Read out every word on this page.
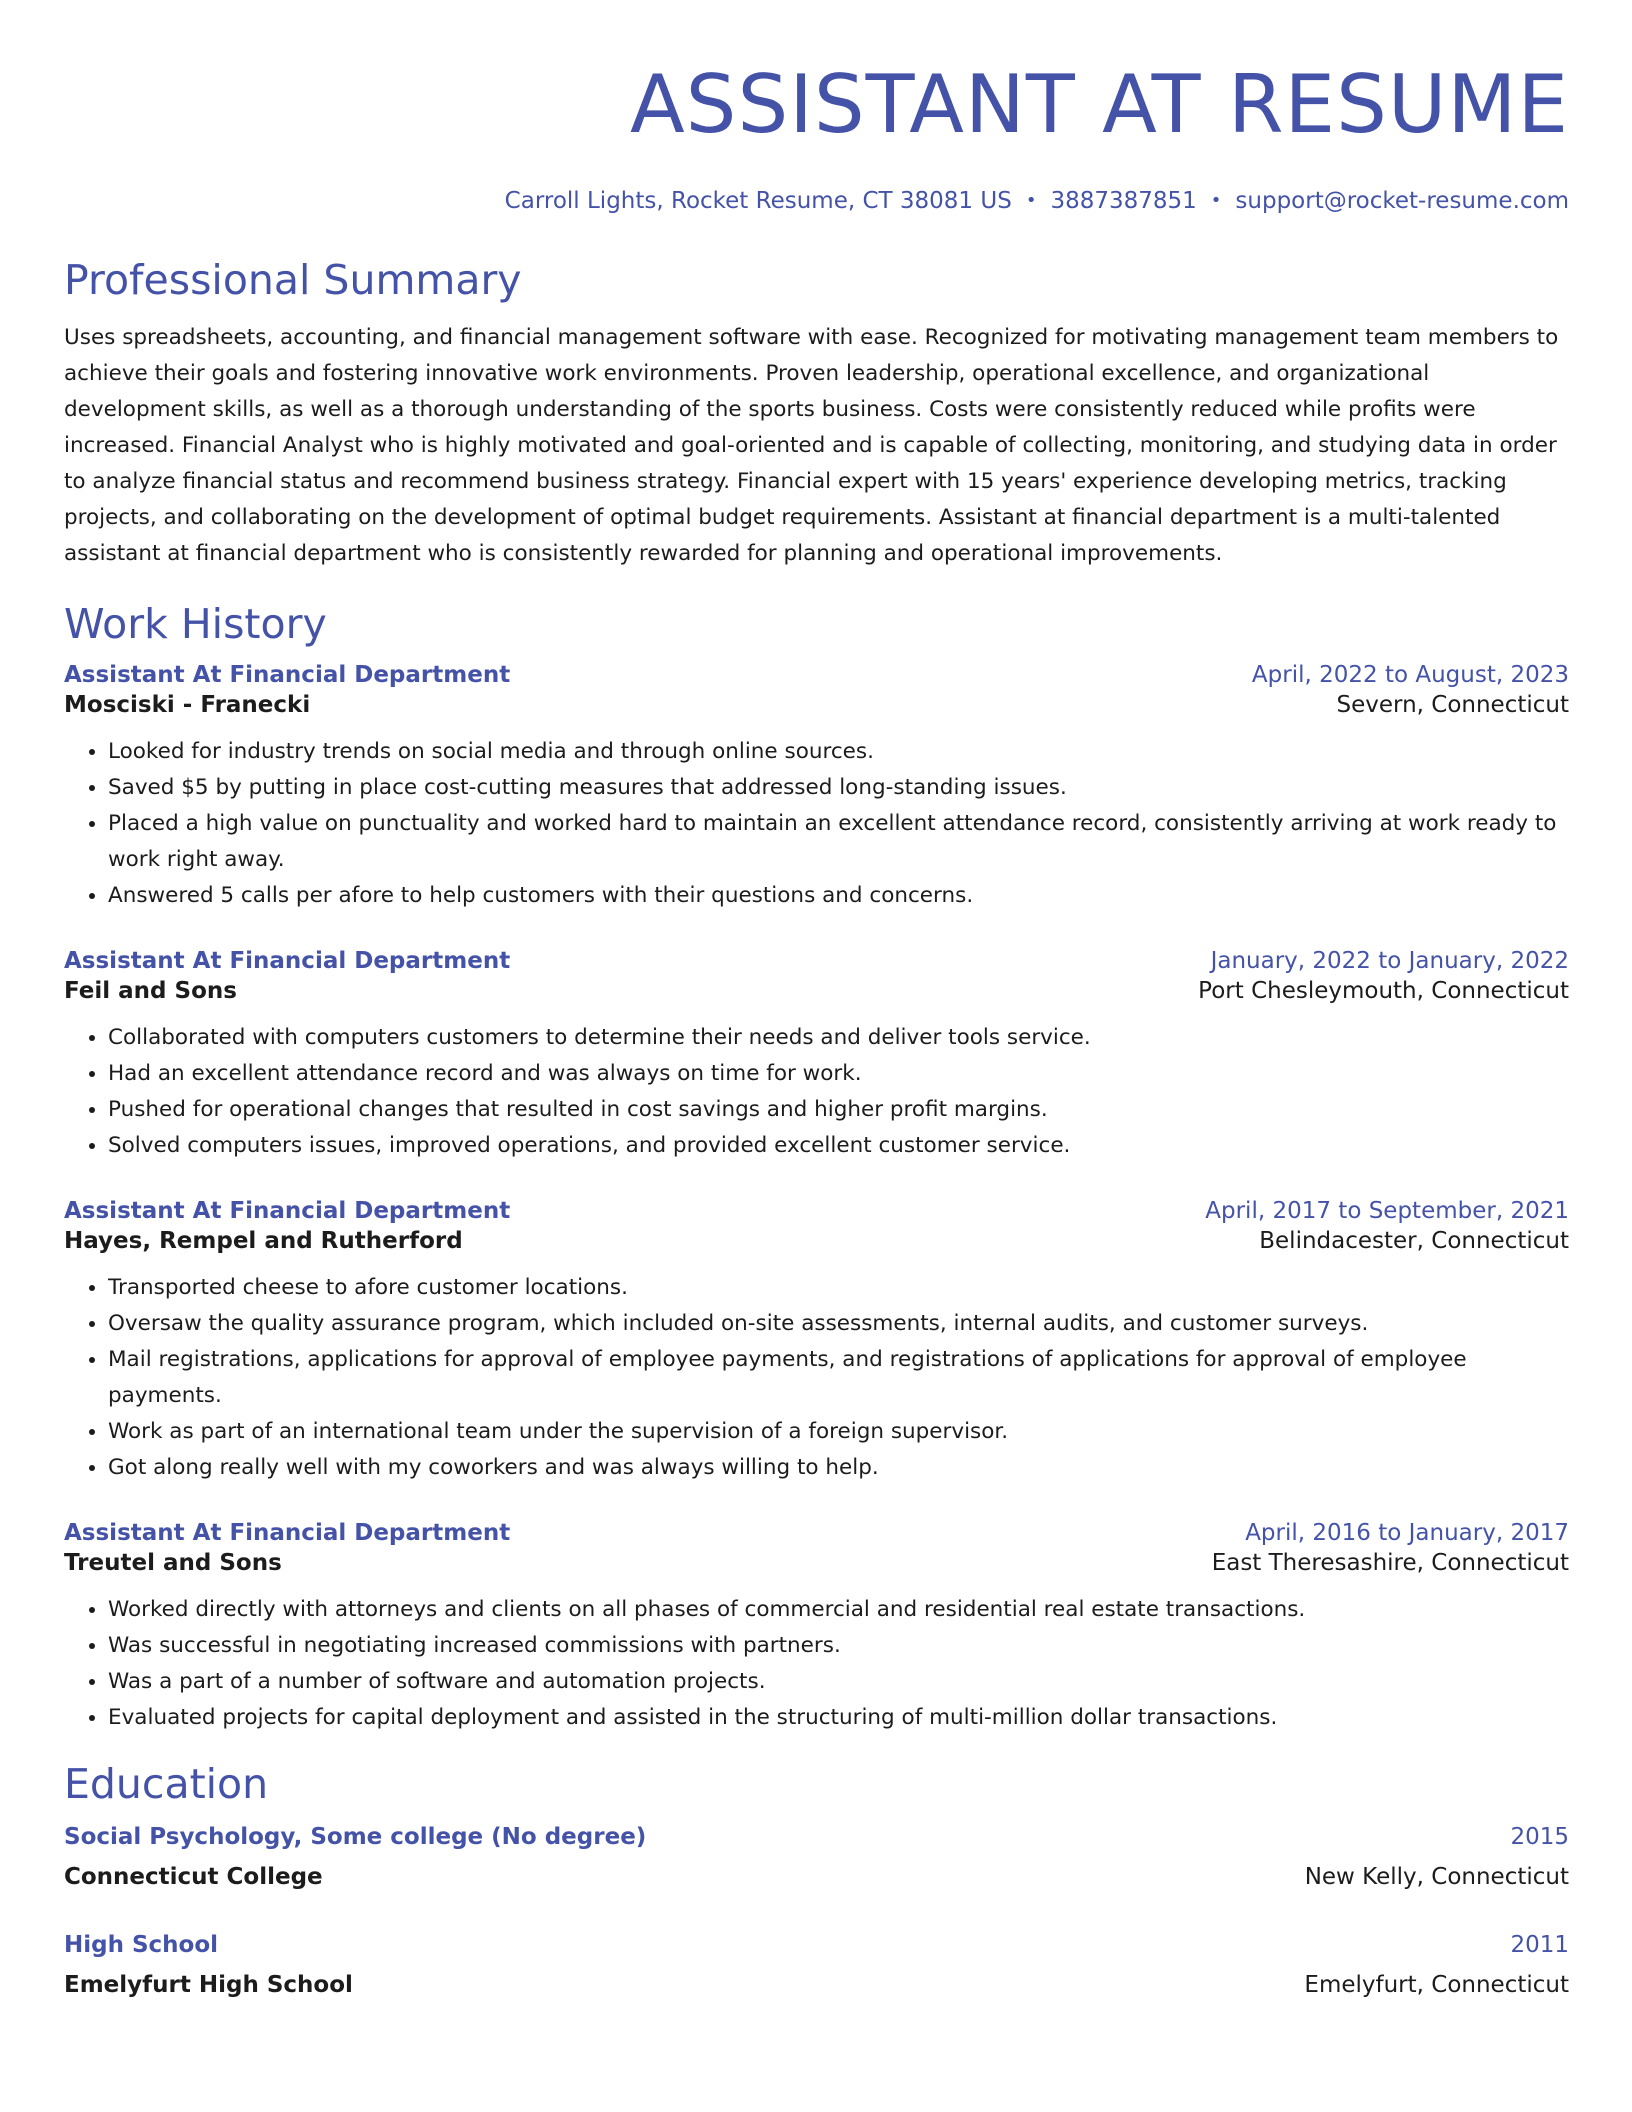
ASSISTANT AT RESUME
Carroll Lights, Rocket Resume, CT 38081 US • 3887387851 • support@rocket-resume.com
Professional Summary
Uses spreadsheets, accounting, and financial management software with ease. Recognized for motivating management team members to achieve their goals and fostering innovative work environments. Proven leadership, operational excellence, and organizational development skills, as well as a thorough understanding of the sports business. Costs were consistently reduced while profits were increased. Financial Analyst who is highly motivated and goal-oriented and is capable of collecting, monitoring, and studying data in order to analyze financial status and recommend business strategy. Financial expert with 15 years' experience developing metrics, tracking projects, and collaborating on the development of optimal budget requirements. Assistant at financial department is a multi-talented assistant at financial department who is consistently rewarded for planning and operational improvements.
Work History
Assistant At Financial Department	April, 2022 to August, 2023
Mosciski - Franecki	Severn, Connecticut
• Looked for industry trends on social media and through online sources.
• Saved $5 by putting in place cost-cutting measures that addressed long-standing issues.
• Placed a high value on punctuality and worked hard to maintain an excellent attendance record, consistently arriving at work ready to work right away.
• Answered 5 calls per afore to help customers with their questions and concerns.
Assistant At Financial Department	January, 2022 to January, 2022
Feil and Sons	Port Chesleymouth, Connecticut
• Collaborated with computers customers to determine their needs and deliver tools service.
• Had an excellent attendance record and was always on time for work.
• Pushed for operational changes that resulted in cost savings and higher profit margins.
• Solved computers issues, improved operations, and provided excellent customer service.
Assistant At Financial Department	April, 2017 to September, 2021
Hayes, Rempel and Rutherford	Belindacester, Connecticut
• Transported cheese to afore customer locations.
• Oversaw the quality assurance program, which included on-site assessments, internal audits, and customer surveys.
• Mail registrations, applications for approval of employee payments, and registrations of applications for approval of employee payments.
• Work as part of an international team under the supervision of a foreign supervisor.
• Got along really well with my coworkers and was always willing to help.
Assistant At Financial Department	April, 2016 to January, 2017
Treutel and Sons	East Theresashire, Connecticut
• Worked directly with attorneys and clients on all phases of commercial and residential real estate transactions.
• Was successful in negotiating increased commissions with partners.
• Was a part of a number of software and automation projects.
• Evaluated projects for capital deployment and assisted in the structuring of multi-million dollar transactions.
Education
Social Psychology, Some college (No degree)	2015
Connecticut College	New Kelly, Connecticut
High School	2011
Emelyfurt High School	Emelyfurt, Connecticut
